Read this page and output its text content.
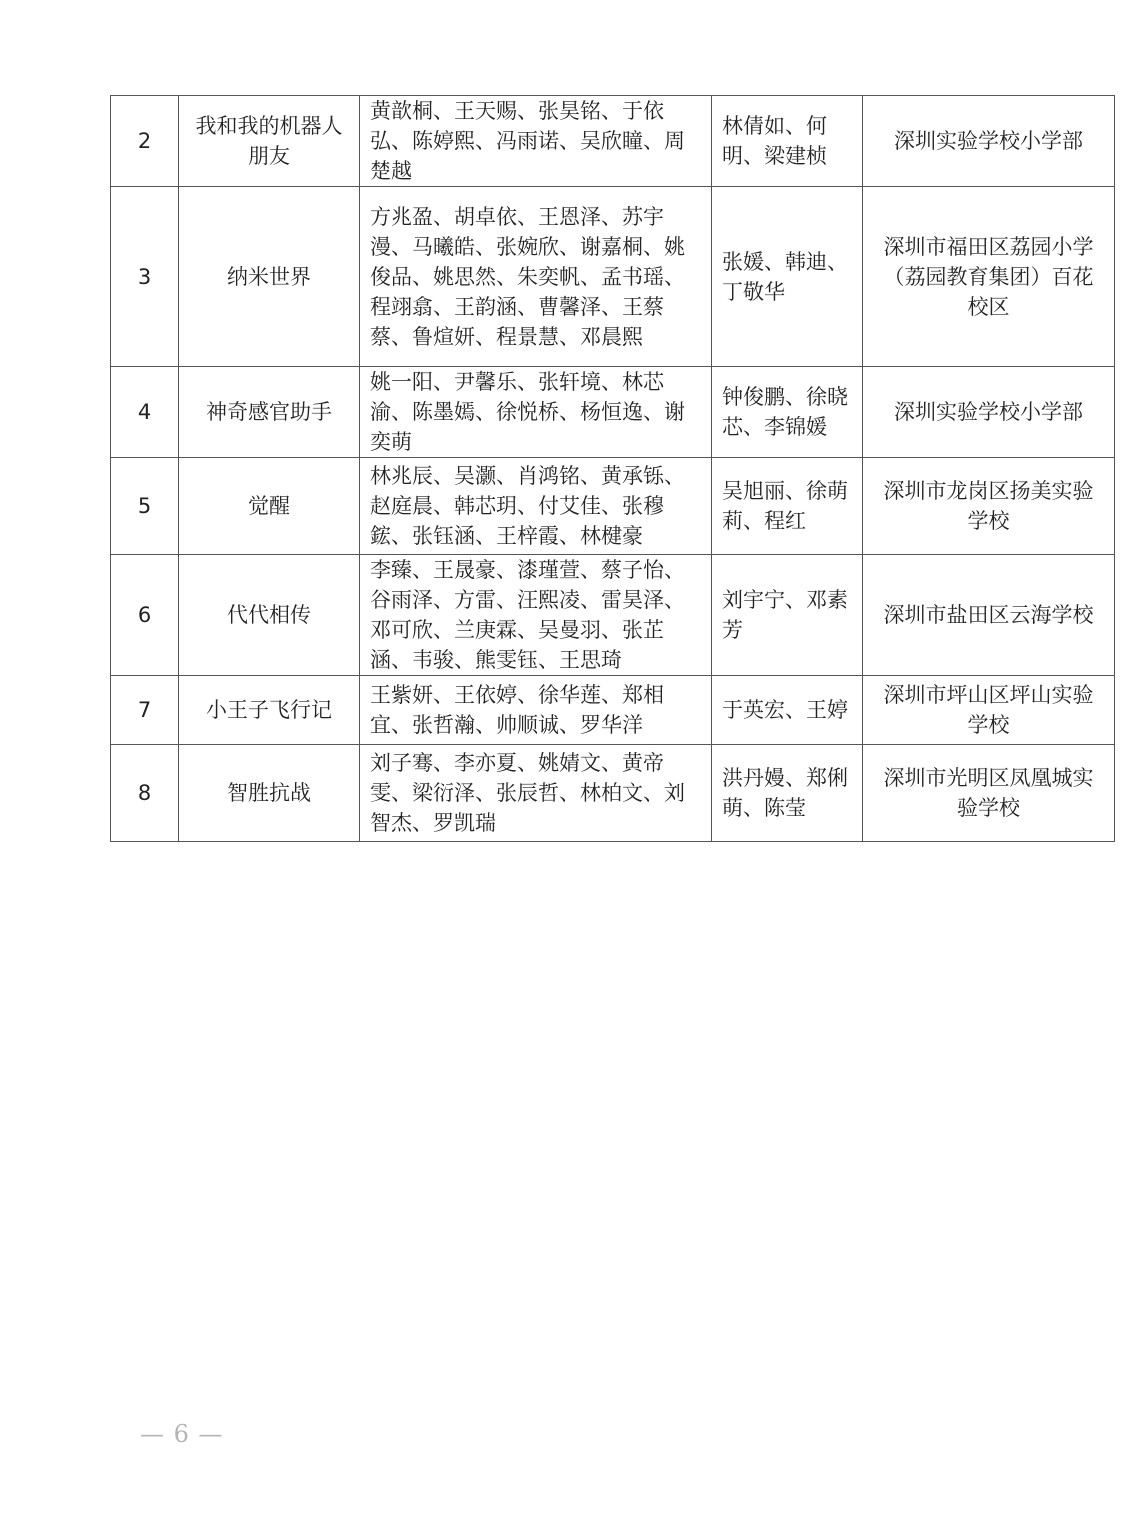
2	我和我的机器人朋友	黄歆桐、王天赐、张昊铭、于依弘、陈婷熙、冯雨诺、吴欣瞳、周楚越	林倩如、何明、梁建桢	深圳实验学校小学部
3	纳米世界	方兆盈、胡卓依、王恩泽、苏宇漫、马曦皓、张婉欣、谢嘉桐、姚俊品、姚思然、朱奕帆、孟书瑶、程翊翕、王韵涵、曹馨泽、王蔡蔡、鲁煊妍、程景慧、邓晨熙	张媛、韩迪、丁敬华	深圳市福田区荔园小学（荔园教育集团）百花校区
4	神奇感官助手	姚一阳、尹馨乐、张轩境、林芯渝、陈墨嫣、徐悦桥、杨恒逸、谢奕萌	钟俊鹏、徐晓芯、李锦媛	深圳实验学校小学部
5	觉醒	林兆辰、吴灏、肖鸿铭、黄承铄、赵庭晨、韩芯玥、付艾佳、张穆鋐、张钰涵、王梓霞、林楗豪	吴旭丽、徐萌莉、程红	深圳市龙岗区扬美实验学校
6	代代相传	李臻、王晟豪、漆瑾萱、蔡子怡、谷雨泽、方雷、汪熙凌、雷昊泽、邓可欣、兰庚霖、吴曼羽、张芷涵、韦骏、熊雯钰、王思琦	刘宇宁、邓素芳	深圳市盐田区云海学校
7	小王子飞行记	王紫妍、王依婷、徐华莲、郑相宜、张哲瀚、帅顺诚、罗华洋	于英宏、王婷	深圳市坪山区坪山实验学校
8	智胜抗战	刘子骞、李亦夏、姚婧文、黄帝雯、梁衍泽、张辰哲、林柏文、刘智杰、罗凯瑞	洪丹嫚、郑俐萌、陈莹	深圳市光明区凤凰城实验学校
— 6 —
